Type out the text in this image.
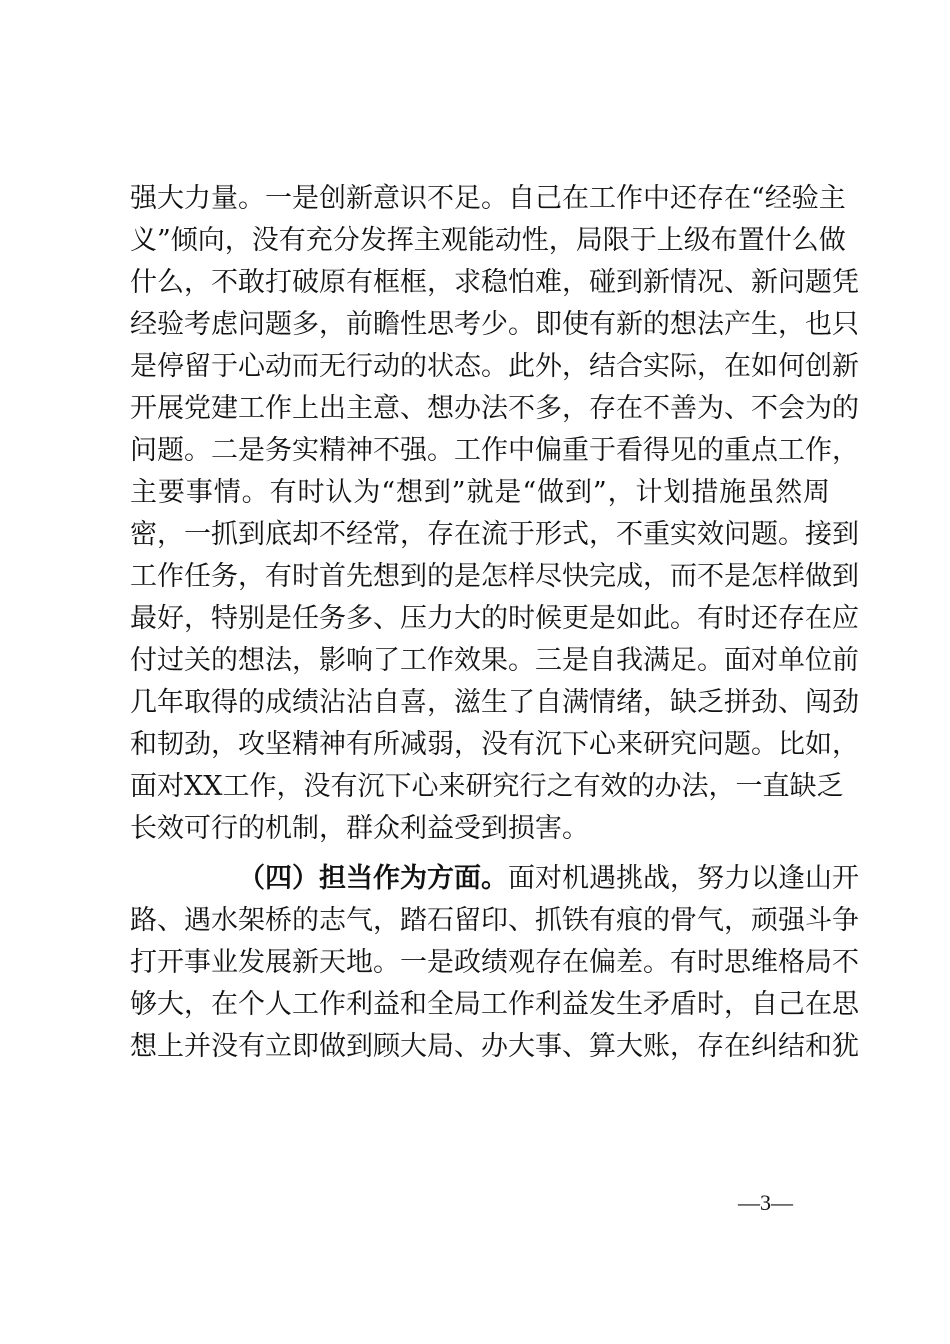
强大力量。一是创新意识不足。自己在工作中还存在“经验主
义”倾向，没有充分发挥主观能动性，局限于上级布置什么做
什么，不敢打破原有框框，求稳怕难，碰到新情况、新问题凭
经验考虑问题多，前瞻性思考少。即使有新的想法产生，也只
是停留于心动而无行动的状态。此外，结合实际，在如何创新
开展党建工作上出主意、想办法不多，存在不善为、不会为的
问题。二是务实精神不强。工作中偏重于看得见的重点工作，
主要事情。有时认为“想到”就是“做到”，计划措施虽然周
密，一抓到底却不经常，存在流于形式，不重实效问题。接到
工作任务，有时首先想到的是怎样尽快完成，而不是怎样做到
最好，特别是任务多、压力大的时候更是如此。有时还存在应
付过关的想法，影响了工作效果。三是自我满足。面对单位前
几年取得的成绩沾沾自喜，滋生了自满情绪，缺乏拼劲、闯劲
和韧劲，攻坚精神有所减弱，没有沉下心来研究问题。比如，
面对XX工作，没有沉下心来研究行之有效的办法，一直缺乏
长效可行的机制，群众利益受到损害。
（四）担当作为方面。面对机遇挑战，努力以逢山开
路、遇水架桥的志气，踏石留印、抓铁有痕的骨气，顽强斗争
打开事业发展新天地。一是政绩观存在偏差。有时思维格局不
够大，在个人工作利益和全局工作利益发生矛盾时，自己在思
想上并没有立即做到顾大局、办大事、算大账，存在纠结和犹
—3—
